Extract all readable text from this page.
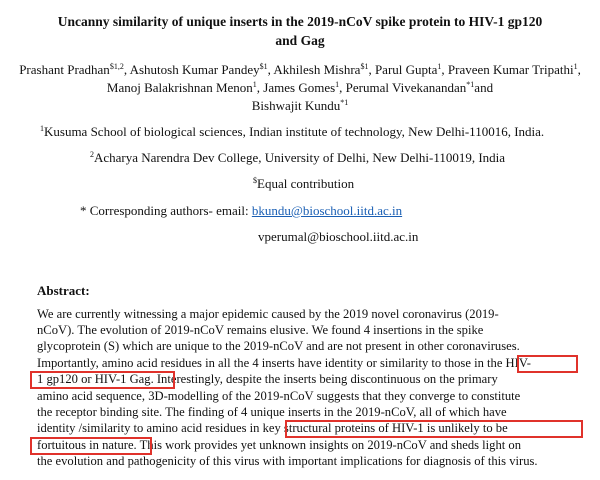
Uncanny similarity of unique inserts in the 2019-nCoV spike protein to HIV-1 gp120
and Gag
Prashant Pradhan$^{\$1,2}$, Ashutosh Kumar Pandey$^{\$1}$, Akhilesh Mishra$^{\$1}$, Parul Gupta$^1$, Praveen Kumar Tripathi$^1$,
Manoj Balakrishnan Menon$^1$, James Gomes$^1$, Perumal Vivekanandan$^{*1}$and
Bishwajit Kundu$^{*1}$
$^1$Kusuma School of biological sciences, Indian institute of technology, New Delhi-110016, India.
$^2$Acharya Narendra Dev College, University of Delhi, New Delhi-110019, India
$Equal contribution
* Corresponding authors- email: bkundu@bioschool.iitd.ac.in
vperumal@bioschool.iitd.ac.in
Abstract:
We are currently witnessing a major epidemic caused by the 2019 novel coronavirus (2019-
nCoV). The evolution of 2019-nCoV remains elusive. We found 4 insertions in the spike
glycoprotein (S) which are unique to the 2019-nCoV and are not present in other coronaviruses.
Importantly, amino acid residues in all the 4 inserts have identity or similarity to those in the HIV-
1 gp120 or HIV-1 Gag. Interestingly, despite the inserts being discontinuous on the primary
amino acid sequence, 3D-modelling of the 2019-nCoV suggests that they converge to constitute
the receptor binding site. The finding of 4 unique inserts in the 2019-nCoV, all of which have
identity /similarity to amino acid residues in key structural proteins of HIV-1 is unlikely to be
fortuitous in nature. This work provides yet unknown insights on 2019-nCoV and sheds light on
the evolution and pathogenicity of this virus with important implications for diagnosis of this virus.
